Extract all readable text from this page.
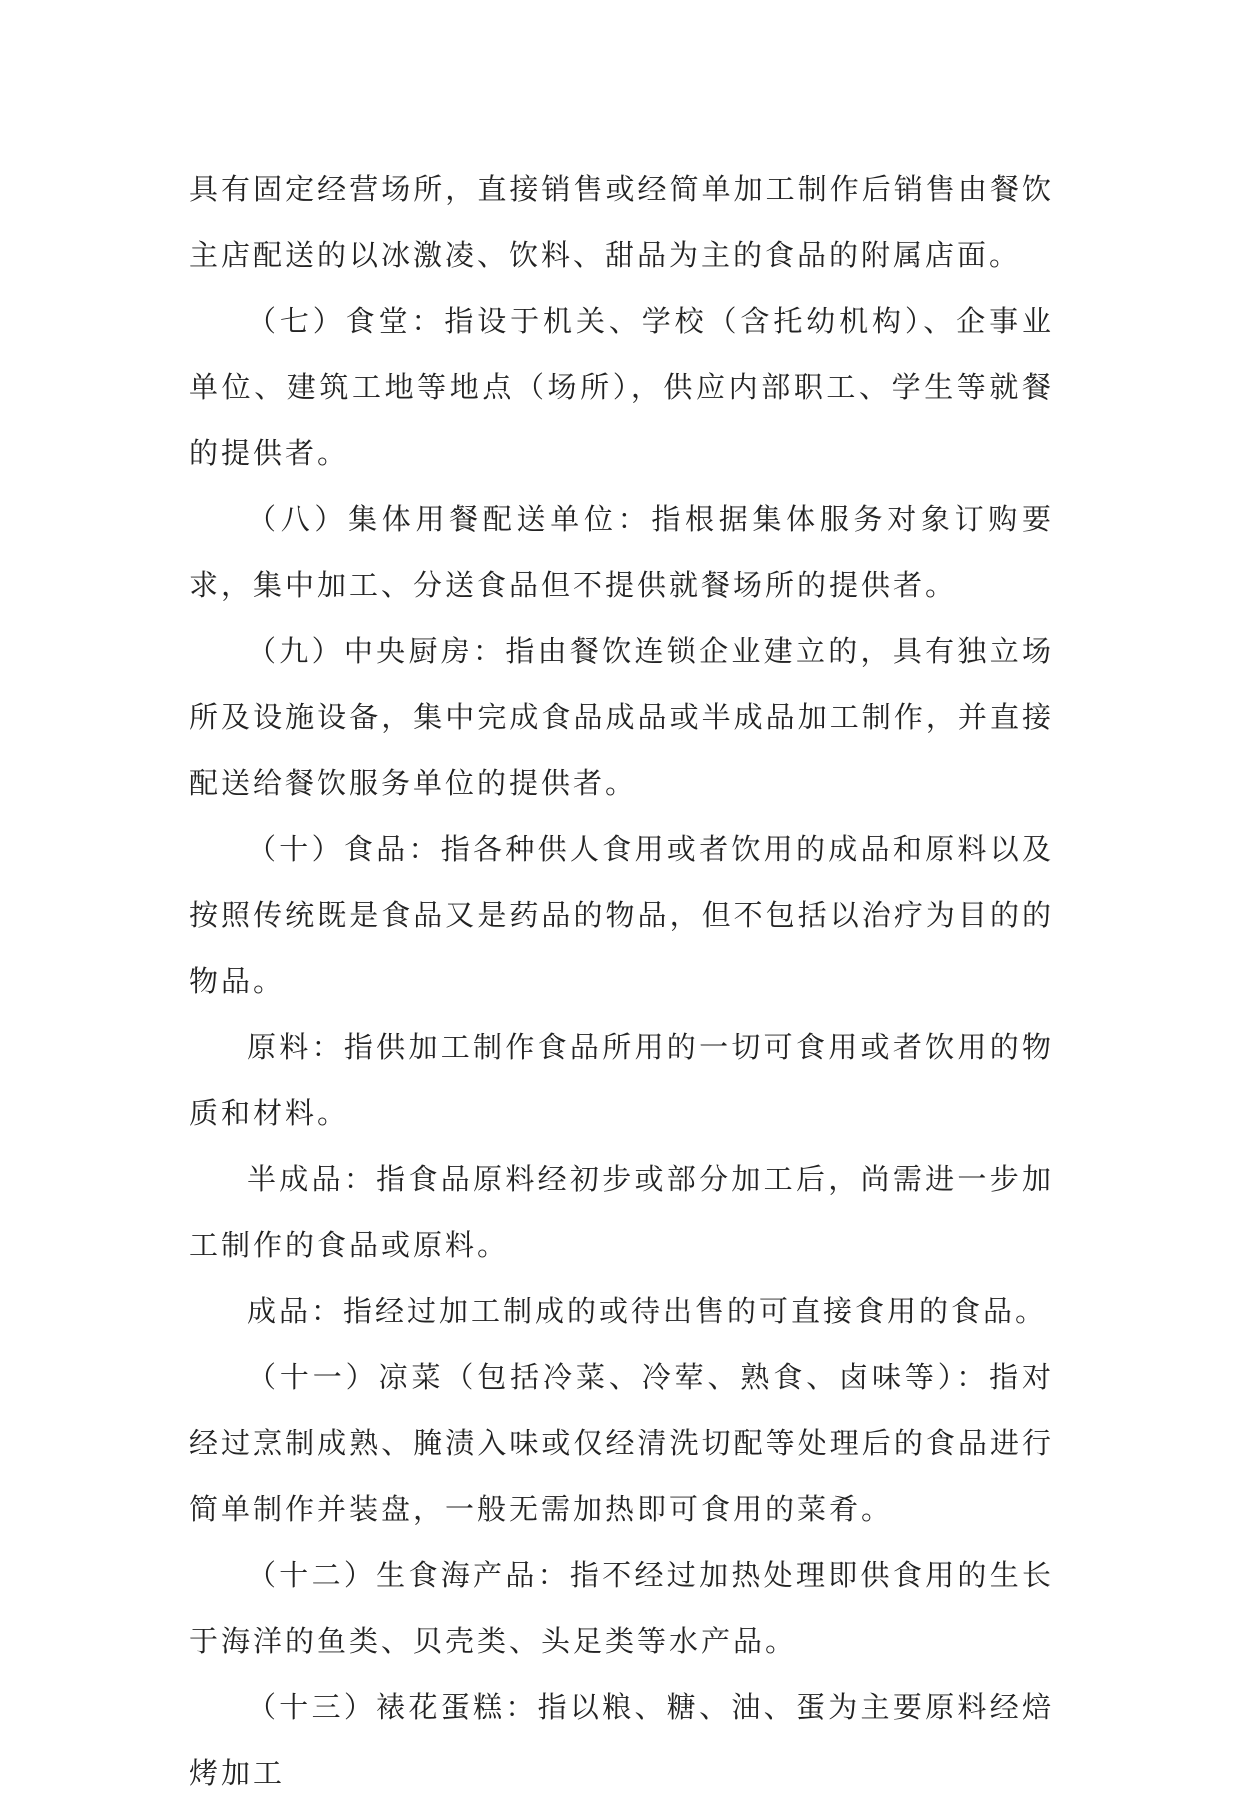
具有固定经营场所，直接销售或经简单加工制作后销售由餐饮主店配送的以冰激凌、饮料、甜品为主的食品的附属店面。

（七）食堂：指设于机关、学校（含托幼机构）、企事业单位、建筑工地等地点（场所），供应内部职工、学生等就餐的提供者。

（八）集体用餐配送单位：指根据集体服务对象订购要求，集中加工、分送食品但不提供就餐场所的提供者。

（九）中央厨房：指由餐饮连锁企业建立的，具有独立场所及设施设备，集中完成食品成品或半成品加工制作，并直接配送给餐饮服务单位的提供者。

（十）食品：指各种供人食用或者饮用的成品和原料以及按照传统既是食品又是药品的物品，但不包括以治疗为目的的物品。

原料：指供加工制作食品所用的一切可食用或者饮用的物质和材料。

半成品：指食品原料经初步或部分加工后，尚需进一步加工制作的食品或原料。

成品：指经过加工制成的或待出售的可直接食用的食品。

（十一）凉菜（包括冷菜、冷荤、熟食、卤味等）：指对经过烹制成熟、腌渍入味或仅经清洗切配等处理后的食品进行简单制作并装盘，一般无需加热即可食用的菜肴。

（十二）生食海产品：指不经过加热处理即供食用的生长于海洋的鱼类、贝壳类、头足类等水产品。

（十三）裱花蛋糕：指以粮、糖、油、蛋为主要原料经焙烤加工
